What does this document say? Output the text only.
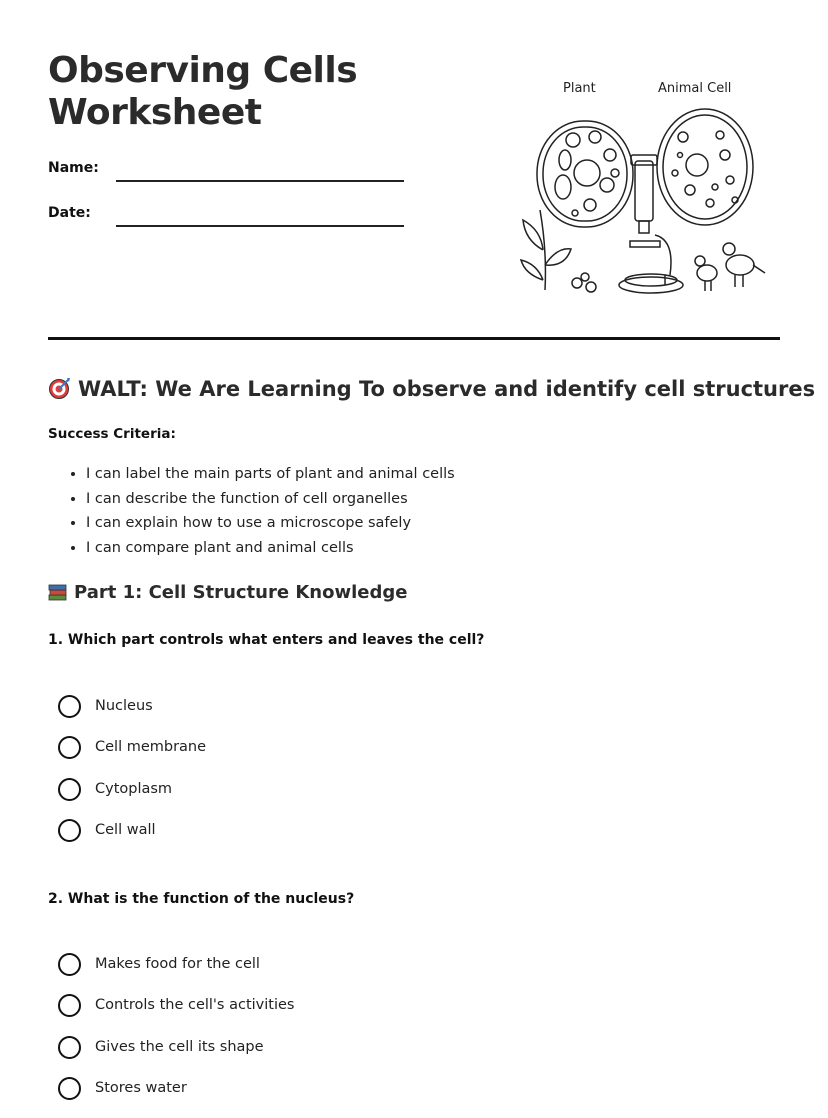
Observing Cells
Worksheet
Name:
Date:
Plant	Animal Cell
WALT: We Are Learning To observe and identify cell structures
Success Criteria:
• I can label the main parts of plant and animal cells
• I can describe the function of cell organelles
• I can explain how to use a microscope safely
• I can compare plant and animal cells
Part 1: Cell Structure Knowledge
1. Which part controls what enters and leaves the cell?
Nucleus
Cell membrane
Cytoplasm
Cell wall
2. What is the function of the nucleus?
Makes food for the cell
Controls the cell's activities
Gives the cell its shape
Stores water
